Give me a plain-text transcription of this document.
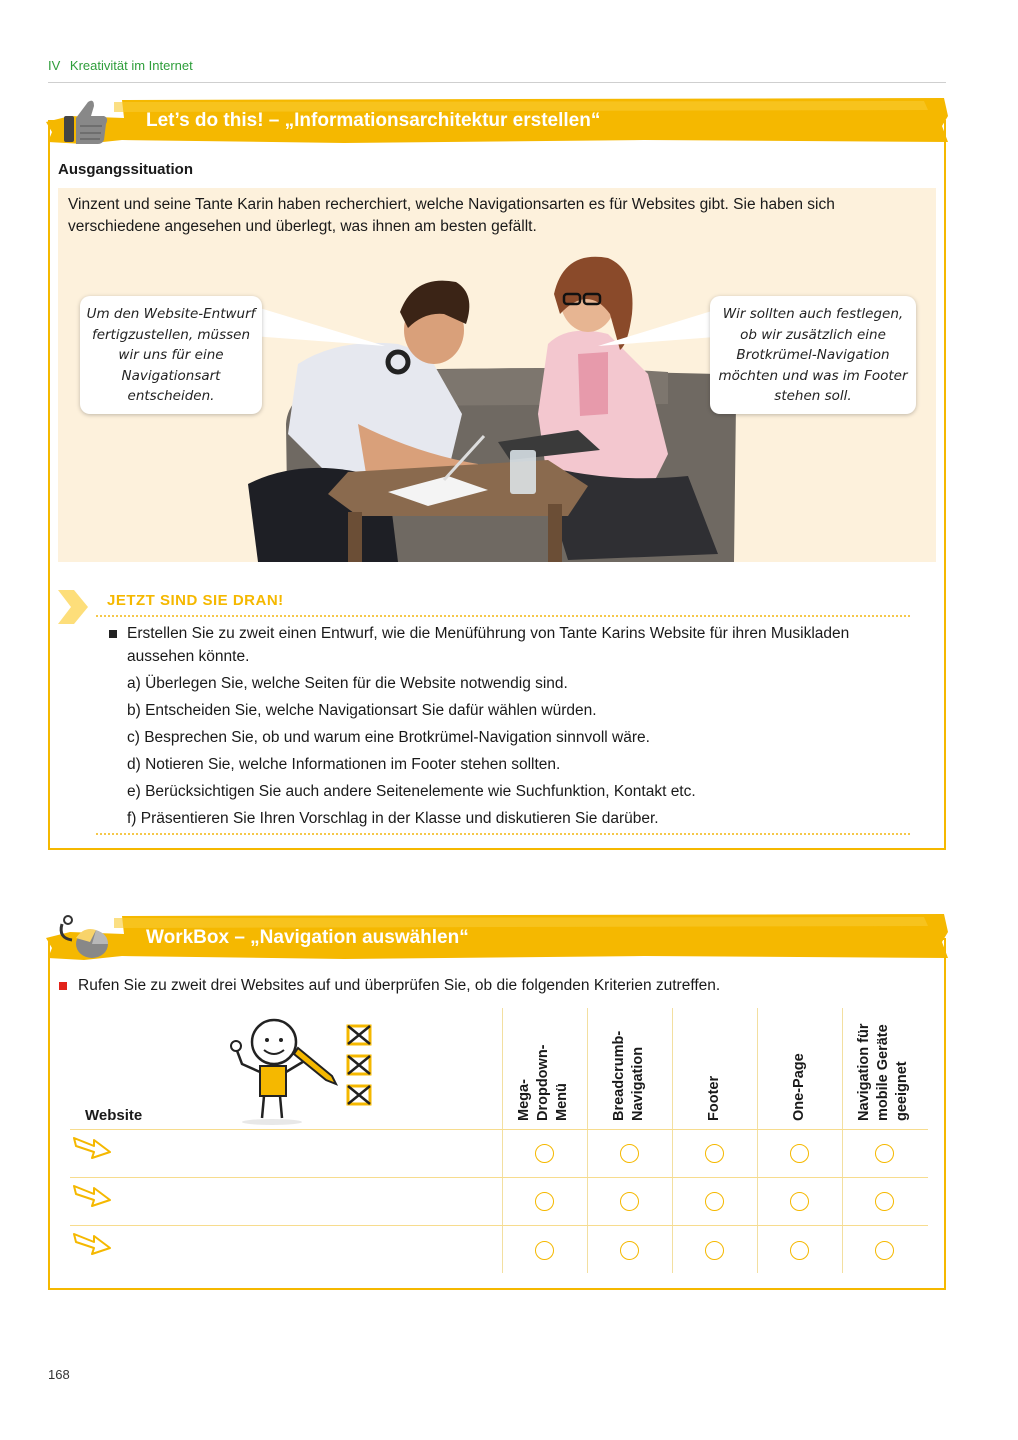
IV Kreativität im Internet
Let’s do this! – „Informationsarchitektur erstellen“
Ausgangssituation
Vinzent und seine Tante Karin haben recherchiert, welche Navigationsarten es für Websites gibt. Sie haben sich verschiedene angesehen und überlegt, was ihnen am besten gefällt.
Um den Website-Entwurf fertigzustellen, müssen wir uns für eine Navigationsart entscheiden.
Wir sollten auch festlegen, ob wir zusätzlich eine Brotkrümel-Navigation möchten und was im Footer stehen soll.
JETZT SIND SIE DRAN!
Erstellen Sie zu zweit einen Entwurf, wie die Menüführung von Tante Karins Website für ihren Musikladen aussehen könnte.
a) Überlegen Sie, welche Seiten für die Website notwendig sind.
b) Entscheiden Sie, welche Navigationsart Sie dafür wählen würden.
c) Besprechen Sie, ob und warum eine Brotkrümel-Navigation sinnvoll wäre.
d) Notieren Sie, welche Informationen im Footer stehen sollten.
e) Berücksichtigen Sie auch andere Seitenelemente wie Suchfunktion, Kontakt etc.
f) Präsentieren Sie Ihren Vorschlag in der Klasse und diskutieren Sie darüber.
WorkBox – „Navigation auswählen“
Rufen Sie zu zweit drei Websites auf und überprüfen Sie, ob die folgenden Kriterien zutreffen.
Website	Mega- Dropdown- Menü	Breadcrumb- Navigation	Footer	One-Page	Navigation für mobile Geräte geeignet
168
